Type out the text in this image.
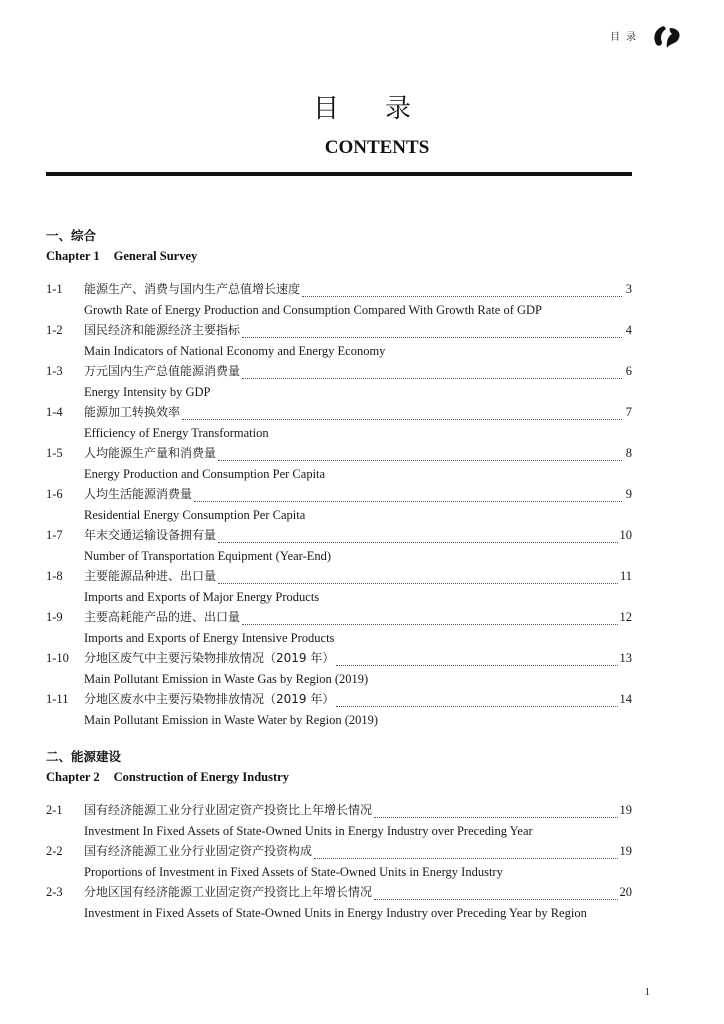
目录
目录
CONTENTS
一、综合
Chapter 1 General Survey
1-1	能源生产、消费与国内生产总值增长速度	3
Growth Rate of Energy Production and Consumption Compared With Growth Rate of GDP
1-2	国民经济和能源经济主要指标	4
Main Indicators of National Economy and Energy Economy
1-3	万元国内生产总值能源消费量	6
Energy Intensity by GDP
1-4	能源加工转换效率	7
Efficiency of Energy Transformation
1-5	人均能源生产量和消费量	8
Energy Production and Consumption Per Capita
1-6	人均生活能源消费量	9
Residential Energy Consumption Per Capita
1-7	年末交通运输设备拥有量	10
Number of Transportation Equipment (Year-End)
1-8	主要能源品种进、出口量	11
Imports and Exports of Major Energy Products
1-9	主要高耗能产品的进、出口量	12
Imports and Exports of Energy Intensive Products
1-10	分地区废气中主要污染物排放情况（2019 年）	13
Main Pollutant Emission in Waste Gas by Region (2019)
1-11	分地区废水中主要污染物排放情况（2019 年）	14
Main Pollutant Emission in Waste Water by Region (2019)
二、能源建设
Chapter 2 Construction of Energy Industry
2-1	国有经济能源工业分行业固定资产投资比上年增长情况	19
Investment In Fixed Assets of State-Owned Units in Energy Industry over Preceding Year
2-2	国有经济能源工业分行业固定资产投资构成	19
Proportions of Investment in Fixed Assets of State-Owned Units in Energy Industry
2-3	分地区国有经济能源工业固定资产投资比上年增长情况	20
Investment in Fixed Assets of State-Owned Units in Energy Industry over Preceding Year by Region
1
